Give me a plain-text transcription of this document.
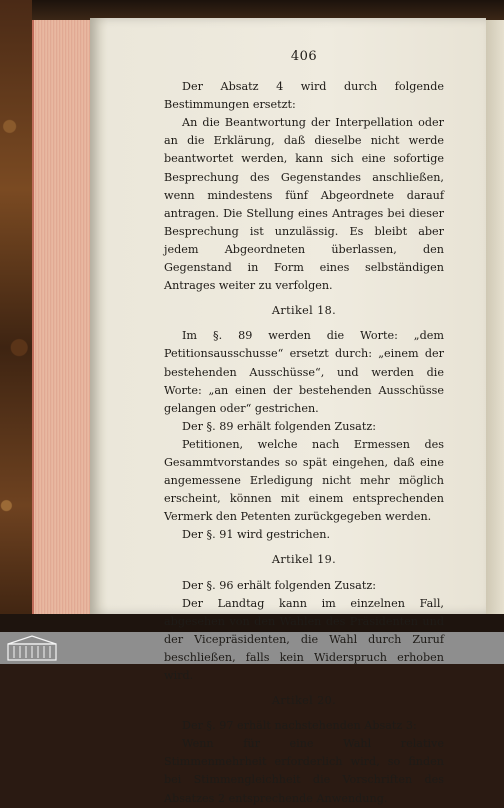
406

Der Absatz 4 wird durch folgende Bestimmungen ersetzt:

An die Beantwortung der Interpellation oder an die Erklärung, daß dieselbe nicht werde beantwortet werden, kann sich eine sofortige Besprechung des Gegenstandes anschließen, wenn mindestens fünf Abgeordnete darauf antragen. Die Stellung eines Antrages bei dieser Besprechung ist unzulässig. Es bleibt aber jedem Abgeordneten überlassen, den Gegenstand in Form eines selbständigen Antrages weiter zu verfolgen.

Artikel 18.

Im §. 89 werden die Worte: „dem Petitionsausschusse“ ersetzt durch: „einem der bestehenden Ausschüsse“, und werden die Worte: „an einen der bestehenden Ausschüsse gelangen oder“ gestrichen.

Der §. 89 erhält folgenden Zusatz:

Petitionen, welche nach Ermessen des Gesammtvorstandes so spät eingehen, daß eine angemessene Erledigung nicht mehr möglich erscheint, können mit einem entsprechenden Vermerk den Petenten zurückgegeben werden.

Der §. 91 wird gestrichen.

Artikel 19.

Der §. 96 erhält folgenden Zusatz:

Der Landtag kann im einzelnen Fall, abgesehen von den Wahlen des Präsidenten und der Vicepräsidenten, die Wahl durch Zuruf beschließen, falls kein Widerspruch erhoben wird.

Artikel 20.

Der §. 97 erhält nachstehenden Absatz 3:

Wenn für eine Wahl relative Stimmenmehrheit erforderlich wird, so finden bei Stimmengleichheit die Vorschriften des Absatzes 2 entsprechende Anwendung.
